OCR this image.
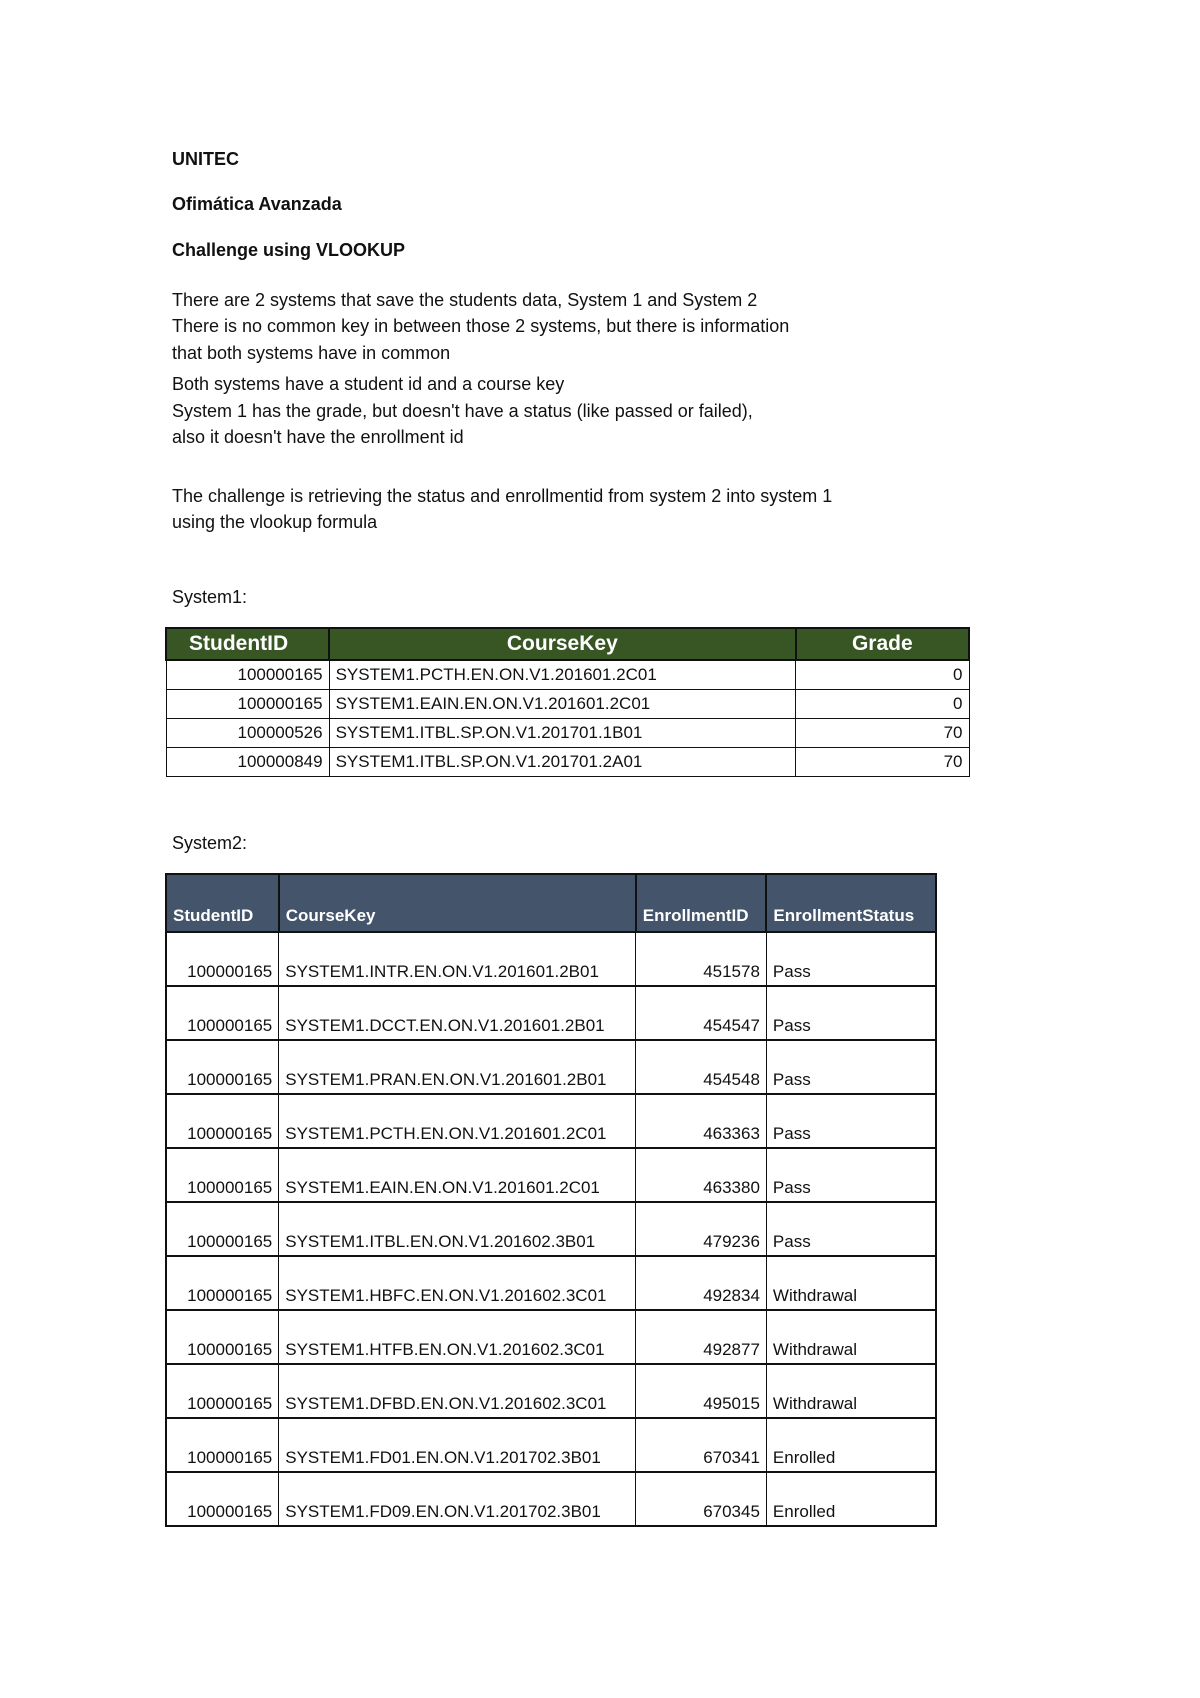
UNITEC
Ofimática Avanzada
Challenge using VLOOKUP
There are 2 systems that save the students data, System 1 and System 2
There is no common key in between those 2 systems, but there is information
that both systems have in common
Both systems have a student id and a course key
System 1 has the grade, but doesn't have a status (like passed or failed),
also it doesn't have the enrollment id
The challenge is retrieving the status and enrollmentid from system 2 into system 1
using the vlookup formula
System1:
StudentID	CourseKey	Grade
100000165	SYSTEM1.PCTH.EN.ON.V1.201601.2C01	0
100000165	SYSTEM1.EAIN.EN.ON.V1.201601.2C01	0
100000526	SYSTEM1.ITBL.SP.ON.V1.201701.1B01	70
100000849	SYSTEM1.ITBL.SP.ON.V1.201701.2A01	70
System2:
StudentID	CourseKey	EnrollmentID	EnrollmentStatus
100000165	SYSTEM1.INTR.EN.ON.V1.201601.2B01	451578	Pass
100000165	SYSTEM1.DCCT.EN.ON.V1.201601.2B01	454547	Pass
100000165	SYSTEM1.PRAN.EN.ON.V1.201601.2B01	454548	Pass
100000165	SYSTEM1.PCTH.EN.ON.V1.201601.2C01	463363	Pass
100000165	SYSTEM1.EAIN.EN.ON.V1.201601.2C01	463380	Pass
100000165	SYSTEM1.ITBL.EN.ON.V1.201602.3B01	479236	Pass
100000165	SYSTEM1.HBFC.EN.ON.V1.201602.3C01	492834	Withdrawal
100000165	SYSTEM1.HTFB.EN.ON.V1.201602.3C01	492877	Withdrawal
100000165	SYSTEM1.DFBD.EN.ON.V1.201602.3C01	495015	Withdrawal
100000165	SYSTEM1.FD01.EN.ON.V1.201702.3B01	670341	Enrolled
100000165	SYSTEM1.FD09.EN.ON.V1.201702.3B01	670345	Enrolled
